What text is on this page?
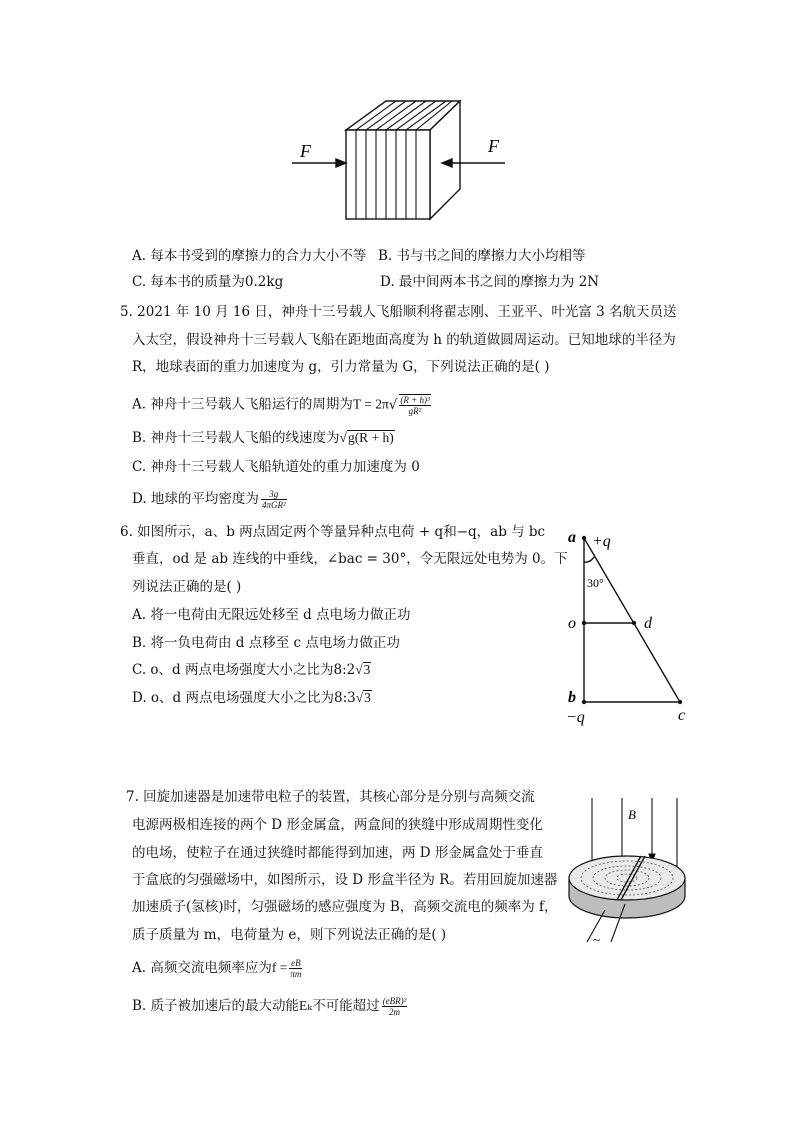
F	F
A. 每本书受到的摩擦力的合力大小不等 B. 书与书之间的摩擦力大小均相等
C. 每本书的质量为0.2kg	D. 最中间两本书之间的摩擦力为 2N
5. 2021 年 10 月 16 日，神舟十三号载人飞船顺利将翟志刚、王亚平、叶光富 3 名航天员送
入太空，假设神舟十三号载人飞船在距地面高度为 h 的轨道做圆周运动。已知地球的半径为
R，地球表面的重力加速度为 g，引力常量为 G，下列说法正确的是( )
A. 神舟十三号载人飞船运行的周期为$T = 2\pi√ \frac{\text{(R + h)³}}{\text{gR²}}$
B. 神舟十三号载人飞船的线速度为√g(R + h)
C. 神舟十三号载人飞船轨道处的重力加速度为 0
D. 地球的平均密度为 $\frac{3g}{\text{4πGR²}}$
6. 如图所示，a、b 两点固定两个等量异种点电荷 + q和−q，ab 与 bc
垂直，od 是 ab 连线的中垂线，∠bac = 30°，令无限远处电势为 0。下
列说法正确的是( )
A. 将一电荷由无限远处移至 d 点电场力做正功
B. 将一负电荷由 d 点移至 c 点电场力做正功
C. o、d 两点电场强度大小之比为8:2√3
D. o、d 两点电场强度大小之比为8:3√3
a +q
30°
o	d
b
−q	c
7. 回旋加速器是加速带电粒子的装置，其核心部分是分别与高频交流
电源两极相连接的两个 D 形金属盒，两盒间的狭缝中形成周期性变化
的电场，使粒子在通过狭缝时都能得到加速，两 D 形金属盒处于垂直
于盒底的匀强磁场中，如图所示，设 D 形盒半径为 R。若用回旋加速器
加速质子(氢核)时，匀强磁场的感应强度为 B，高频交流电的频率为 f，
质子质量为 m，电荷量为 e，则下列说法正确的是( )
A. 高频交流电频率应为$f = \frac{eB}{\pi m}$
B. 质子被加速后的最大动能Eₖ不可能超过 $\frac{\text{(eBR)²}}{2m}$
B
~
